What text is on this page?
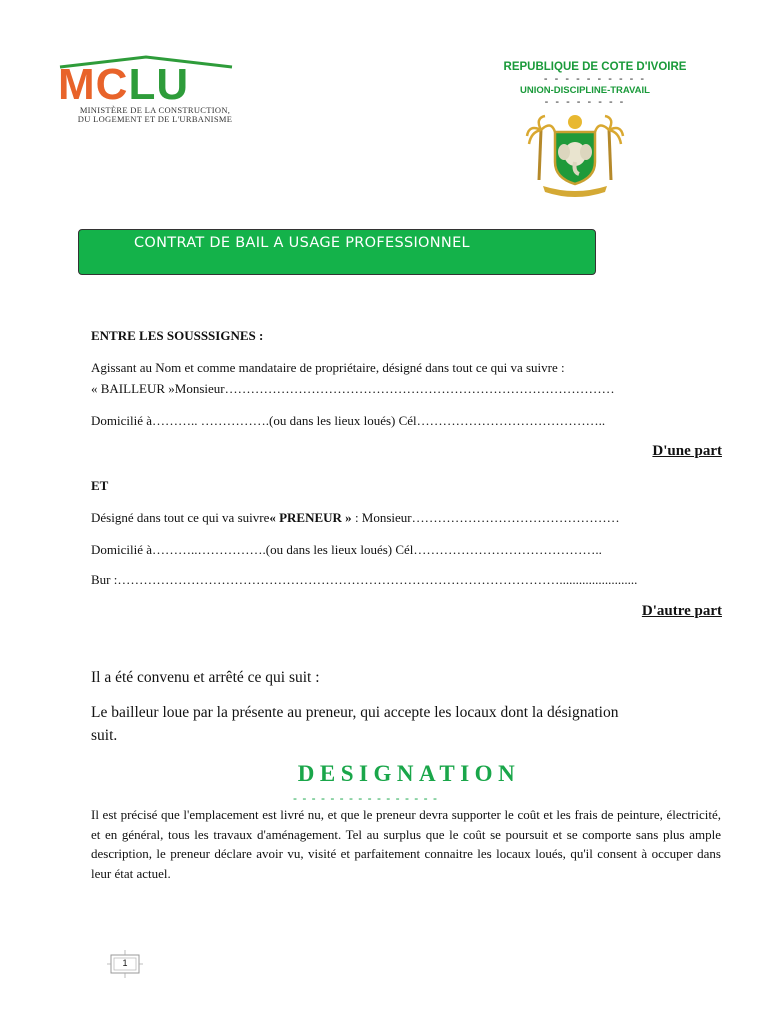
MCLU
MINISTÈRE DE LA CONSTRUCTION,
DU LOGEMENT ET DE L'URBANISME
REPUBLIQUE DE COTE D'IVOIRE
- - - - - - - - - -
UNION-DISCIPLINE-TRAVAIL
- - - - - - - -
CONTRAT DE BAIL A USAGE PROFESSIONNEL
ENTRE LES SOUSSSIGNES :
Agissant au Nom et comme mandataire de propriétaire, désigné dans tout ce qui va suivre :
« BAILLEUR »Monsieur………………………………………………………………………………
Domicilié à……….. …………….(ou dans les lieux loués) Cél……………………………………..
D'une part
ET
Désigné dans tout ce qui va suivre« PRENEUR » : Monsieur…………………………………………
Domicilié à………..…………….(ou dans les lieux loués) Cél……………………………………..
Bur :…………………………………………………………………………………………........................
D'autre part
Il a été convenu et arrêté ce qui suit :
Le bailleur loue par la présente au preneur, qui accepte les locaux dont la désignation
suit.
DESIGNATION
- - - - - - - - - - - - - - - -
Il est précisé que l'emplacement est livré nu, et que le preneur devra supporter le coût et les frais de peinture, électricité, et en général, tous les travaux d'aménagement. Tel au surplus que le coût se poursuit et se comporte sans plus ample description, le preneur déclare avoir vu, visité et parfaitement connaitre les locaux loués, qu'il consent à occuper dans leur état actuel.
1
